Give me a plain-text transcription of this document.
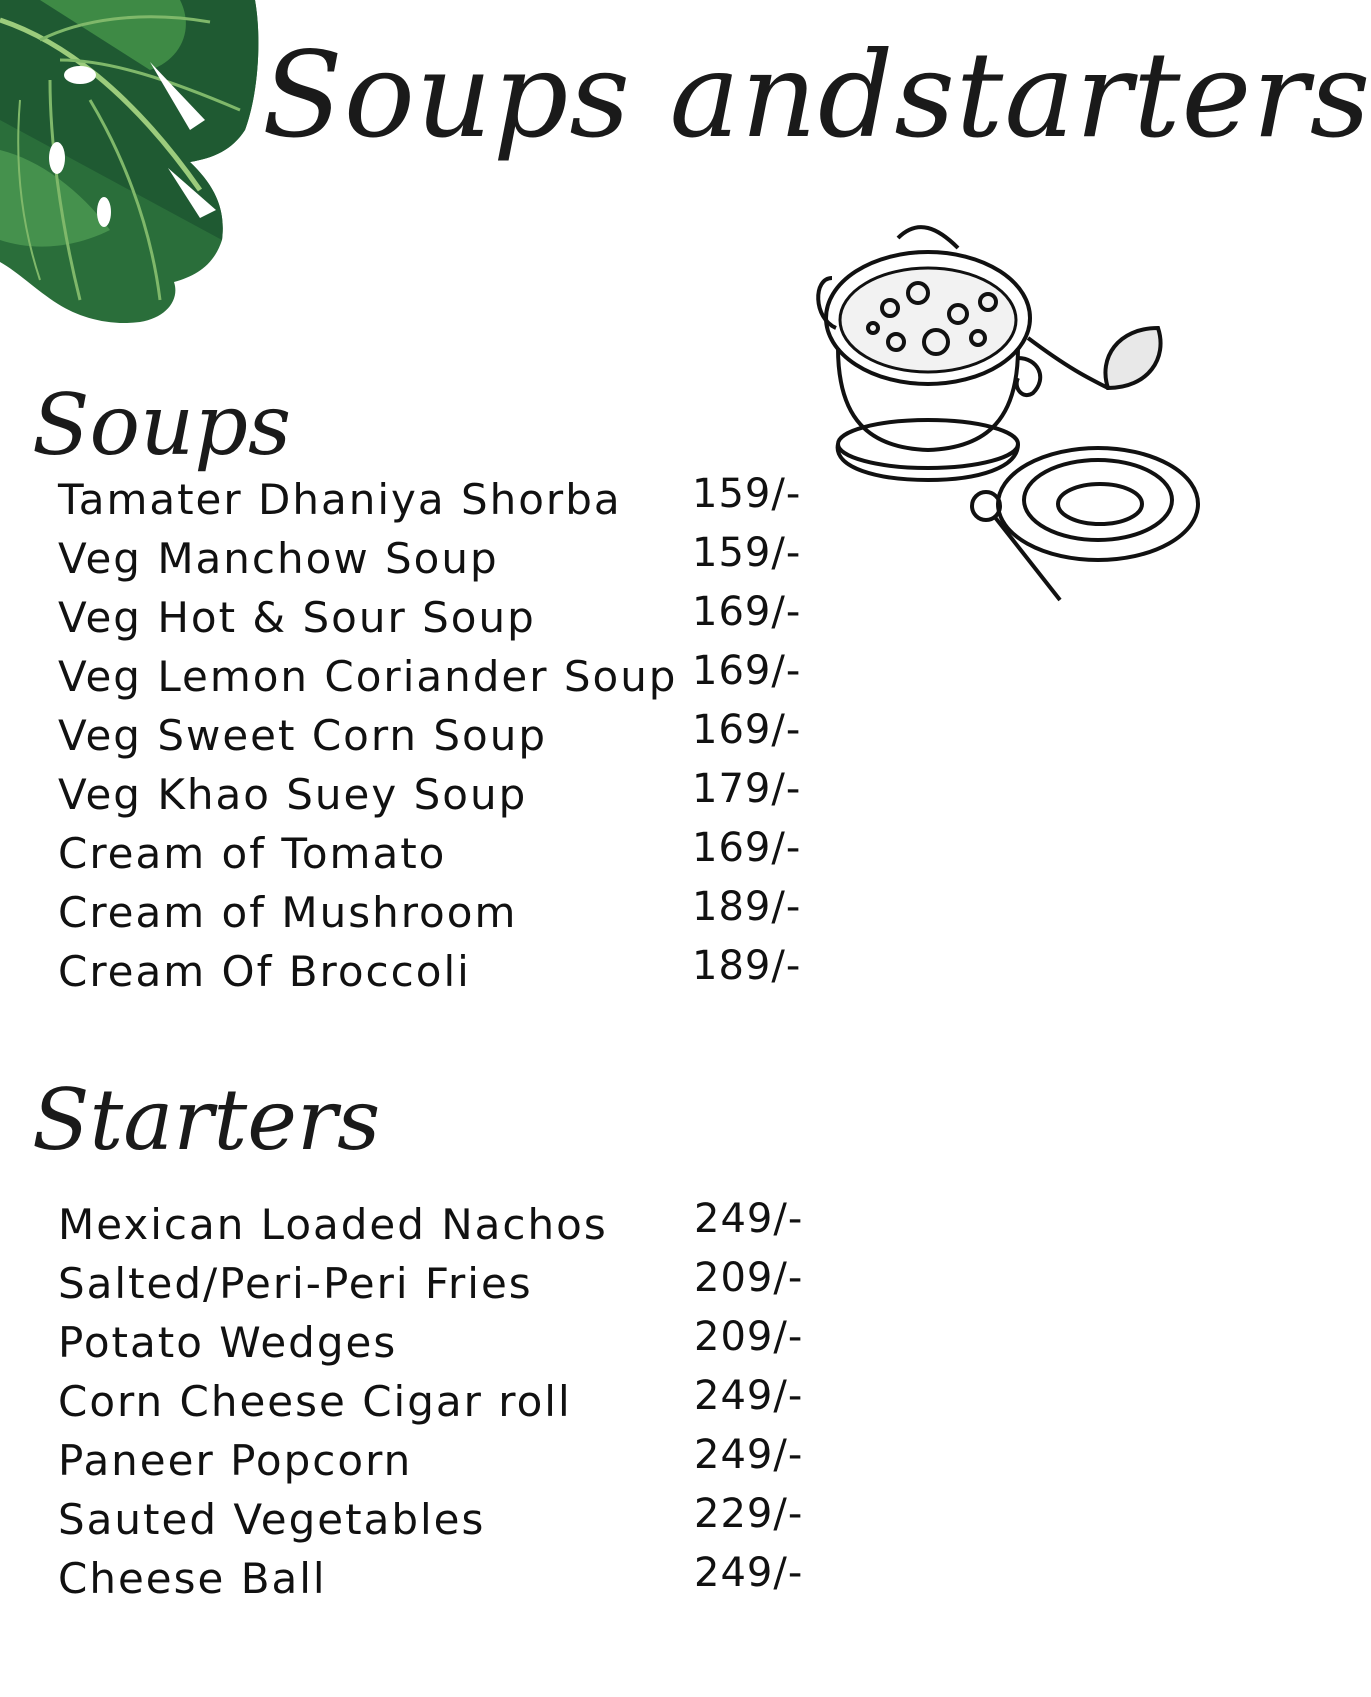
Soups andstarters
Soups
Tamater Dhaniya Shorba 159/-
Veg Manchow Soup	159/-
Veg Hot & Sour Soup	169/-
Veg Lemon Coriander Soup 169/-
Veg Sweet Corn Soup	169/-
Veg Khao Suey Soup	179/-
Cream of Tomato	169/-
Cream of Mushroom	189/-
Cream Of Broccoli	189/-
Starters
Mexican Loaded Nachos 249/-
Salted/Peri-Peri Fries	209/-
Potato Wedges	209/-
Corn Cheese Cigar roll	249/-
Paneer Popcorn	249/-
Sauted Vegetables	229/-
Cheese Ball	249/-
